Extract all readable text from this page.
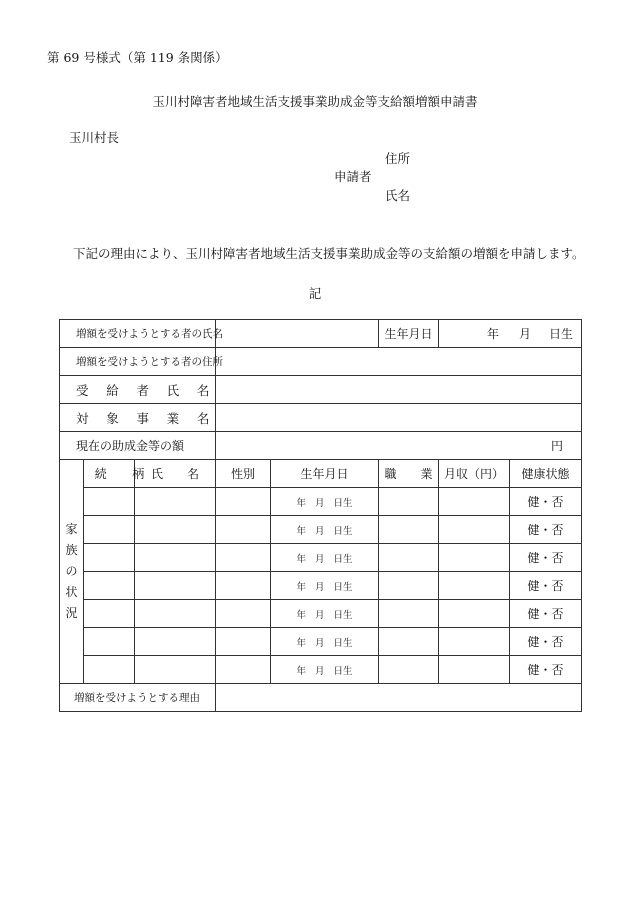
第 69 号様式（第 119 条関係）
玉川村障害者地域生活支援事業助成金等支給額増額申請書
玉川村長
住所
申請者
氏名
下記の理由により、玉川村障害者地域生活支援事業助成金等の支給額の増額を申請します。
記
増額を受けようとする者の氏名					生年月日	年 月 日生	
増額を受けようとする者の住所							
受 給 者 氏 名							
対 象 事 業 名							
現在の助成金等の額			円				

家
族
の
状
況	続 柄	氏　　名	性別	生年月日	職　　業	月収（円）	健康状態
				年 月 日生			健・否
				年 月 日生			健・否
				年 月 日生			健・否
				年 月 日生			健・否
				年 月 日生			健・否
				年 月 日生			健・否
				年 月 日生			健・否
増額を受けようとする理由							
